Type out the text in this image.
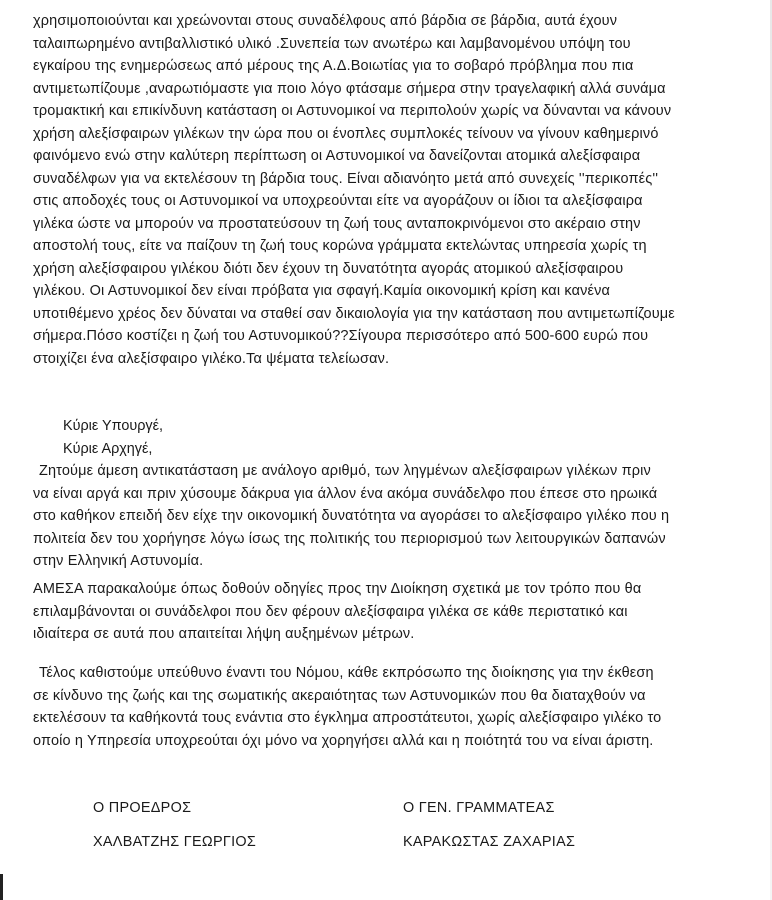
χρησιμοποιούνται και χρεώνονται στους συναδέλφους από βάρδια σε βάρδια, αυτά έχουν
ταλαιπωρημένο αντιβαλλιστικό υλικό .Συνεπεία των ανωτέρω και λαμβανομένου υπόψη του
εγκαίρου της ενημερώσεως από μέρους της Α.Δ.Βοιωτίας για το σοβαρό πρόβλημα που πια
αντιμετωπίζουμε ,αναρωτιόμαστε για ποιο λόγο φτάσαμε σήμερα στην τραγελαφική αλλά συνάμα
τρομακτική και επικίνδυνη κατάσταση οι Αστυνομικοί να περιπολούν χωρίς να δύνανται να κάνουν
χρήση αλεξίσφαιρων γιλέκων την ώρα που οι ένοπλες συμπλοκές τείνουν να γίνουν καθημερινό
φαινόμενο ενώ στην καλύτερη περίπτωση οι Αστυνομικοί να δανείζονται ατομικά αλεξίσφαιρα
συναδέλφων για να εκτελέσουν τη βάρδια τους. Είναι αδιανόητο μετά από συνεχείς ''περικοπές''
στις αποδοχές τους οι Αστυνομικοί να υποχρεούνται είτε να αγοράζουν οι ίδιοι τα αλεξίσφαιρα
γιλέκα ώστε να μπορούν να προστατεύσουν τη ζωή τους ανταποκρινόμενοι στο ακέραιο στην
αποστολή τους, είτε να παίζουν τη ζωή τους κορώνα γράμματα εκτελώντας υπηρεσία χωρίς τη
χρήση αλεξίσφαιρου γιλέκου διότι δεν έχουν τη δυνατότητα αγοράς ατομικού αλεξίσφαιρου
γιλέκου. Οι Αστυνομικοί δεν είναι πρόβατα για σφαγή.Καμία οικονομική κρίση και κανένα
υποτιθέμενο χρέος δεν δύναται να σταθεί σαν δικαιολογία για την κατάσταση που αντιμετωπίζουμε
σήμερα.Πόσο κοστίζει η ζωή του Αστυνομικού??Σίγουρα περισσότερο από 500-600 ευρώ που
στοιχίζει ένα αλεξίσφαιρο γιλέκο.Τα ψέματα τελείωσαν.
Κύριε Υπουργέ,
Κύριε Αρχηγέ,
Ζητούμε άμεση αντικατάσταση με ανάλογο αριθμό, των ληγμένων αλεξίσφαιρων γιλέκων πριν
να είναι αργά και πριν χύσουμε δάκρυα για άλλον ένα ακόμα συνάδελφο που έπεσε στο ηρωικά
στο καθήκον επειδή δεν είχε την οικονομική δυνατότητα να αγοράσει το αλεξίσφαιρο γιλέκο που η
πολιτεία δεν του χορήγησε λόγω ίσως της πολιτικής του περιορισμού των λειτουργικών δαπανών
στην Ελληνική Αστυνομία.
ΑΜΕΣΑ παρακαλούμε όπως δοθούν οδηγίες προς την Διοίκηση σχετικά με τον τρόπο που θα
επιλαμβάνονται οι συνάδελφοι που δεν φέρουν αλεξίσφαιρα γιλέκα σε κάθε περιστατικό και
ιδιαίτερα σε αυτά που απαιτείται λήψη αυξημένων μέτρων.
Τέλος καθιστούμε υπεύθυνο έναντι του Νόμου, κάθε εκπρόσωπο της διοίκησης για την έκθεση
σε κίνδυνο της ζωής και της σωματικής ακεραιότητας των Αστυνομικών που θα διαταχθούν να
εκτελέσουν τα καθήκοντά τους ενάντια στο έγκλημα απροστάτευτοι, χωρίς αλεξίσφαιρο γιλέκο το
οποίο η Υπηρεσία υποχρεούται όχι μόνο να χορηγήσει αλλά και η ποιότητά του να είναι άριστη.
Ο ΠΡΟΕΔΡΟΣ
ΧΑΛΒΑΤΖΗΣ ΓΕΩΡΓΙΟΣ
Ο ΓΕΝ. ΓΡΑΜΜΑΤΕΑΣ
ΚΑΡΑΚΩΣΤΑΣ ΖΑΧΑΡΙΑΣ
